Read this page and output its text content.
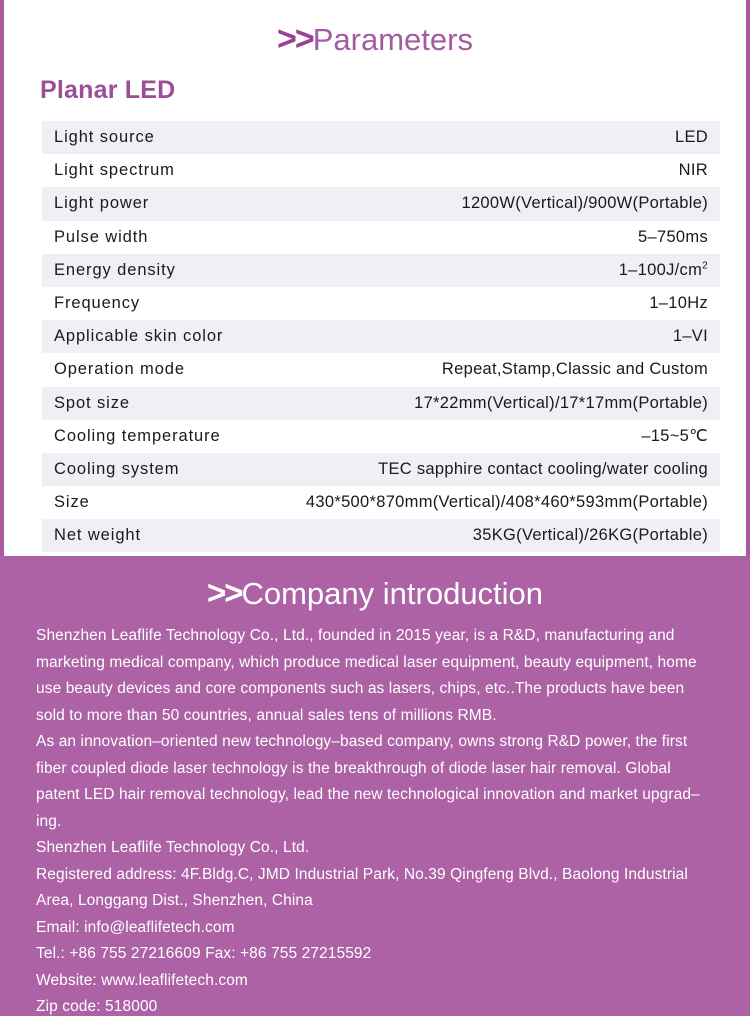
>>Parameters
Planar LED
Light source	LED
Light spectrum	NIR
Light power	1200W(Vertical)/900W(Portable)
Pulse width	5–750ms
Energy density	$1-100J/cm^2$
Frequency	1–10Hz
Applicable skin color	1–VI
Operation mode	Repeat,Stamp,Classic and Custom
Spot size	17*22mm(Vertical)/17*17mm(Portable)
Cooling temperature	–15~5℃
Cooling system	TEC sapphire contact cooling/water cooling
Size	430*500*870mm(Vertical)/408*460*593mm(Portable)
Net weight	35KG(Vertical)/26KG(Portable)
>>Company introduction

Shenzhen Leaflife Technology Co., Ltd., founded in 2015 year, is a R&D, manufacturing and marketing medical company, which produce medical laser equipment, beauty equipment, home use beauty devices and core components such as lasers, chips, etc..The products have been sold to more than 50 countries, annual sales tens of millions RMB.

As an innovation–oriented new technology–based company, owns strong R&D power, the first fiber coupled diode laser technology is the breakthrough of diode laser hair removal. Global patent LED hair removal technology, lead the new technological innovation and market upgrad–ing.

Shenzhen Leaflife Technology Co., Ltd.

Registered address: 4F.Bldg.C, JMD Industrial Park, No.39 Qingfeng Blvd., Baolong Industrial Area, Longgang Dist., Shenzhen, China

Email: info@leaflifetech.com

Tel.: +86 755 27216609 Fax: +86 755 27215592

Website: www.leaflifetech.com

Zip code: 518000
